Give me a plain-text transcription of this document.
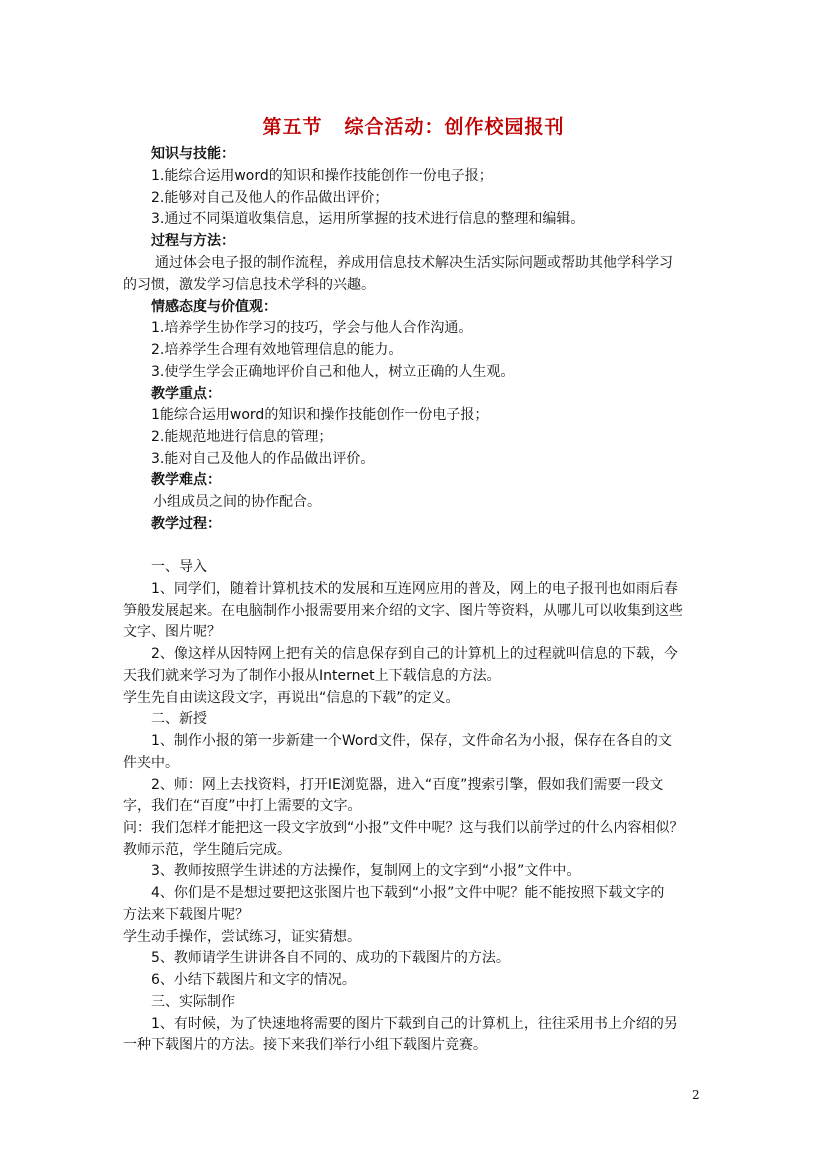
第五节 综合活动：创作校园报刊
知识与技能：
1.能综合运用word的知识和操作技能创作一份电子报；
2.能够对自己及他人的作品做出评价；
3.通过不同渠道收集信息，运用所掌握的技术进行信息的整理和编辑。
过程与方法：
通过体会电子报的制作流程，养成用信息技术解决生活实际问题或帮助其他学科学习
的习惯，激发学习信息技术学科的兴趣。
情感态度与价值观：
1.培养学生协作学习的技巧，学会与他人合作沟通。
2.培养学生合理有效地管理信息的能力。
3.使学生学会正确地评价自己和他人，树立正确的人生观。
教学重点：
1能综合运用word的知识和操作技能创作一份电子报；
2.能规范地进行信息的管理；
3.能对自己及他人的作品做出评价。
教学难点：
小组成员之间的协作配合。
教学过程：
一、导入
1、同学们，随着计算机技术的发展和互连网应用的普及，网上的电子报刊也如雨后春
笋般发展起来。在电脑制作小报需要用来介绍的文字、图片等资料，从哪儿可以收集到这些
文字、图片呢？
2、像这样从因特网上把有关的信息保存到自己的计算机上的过程就叫信息的下载，今
天我们就来学习为了制作小报从Internet上下载信息的方法。
学生先自由读这段文字，再说出“信息的下载”的定义。
二、新授
1、制作小报的第一步新建一个Word文件，保存，文件命名为小报，保存在各自的文
件夹中。
2、师：网上去找资料，打开IE浏览器，进入“百度”搜索引擎，假如我们需要一段文
字，我们在“百度”中打上需要的文字。
问：我们怎样才能把这一段文字放到“小报”文件中呢？这与我们以前学过的什么内容相似？
教师示范，学生随后完成。
3、教师按照学生讲述的方法操作，复制网上的文字到“小报”文件中。
4、你们是不是想过要把这张图片也下载到“小报”文件中呢？能不能按照下载文字的
方法来下载图片呢？
学生动手操作，尝试练习，证实猜想。
5、教师请学生讲讲各自不同的、成功的下载图片的方法。
6、小结下载图片和文字的情况。
三、实际制作
1、有时候，为了快速地将需要的图片下载到自己的计算机上，往往采用书上介绍的另
一种下载图片的方法。接下来我们举行小组下载图片竞赛。
2
